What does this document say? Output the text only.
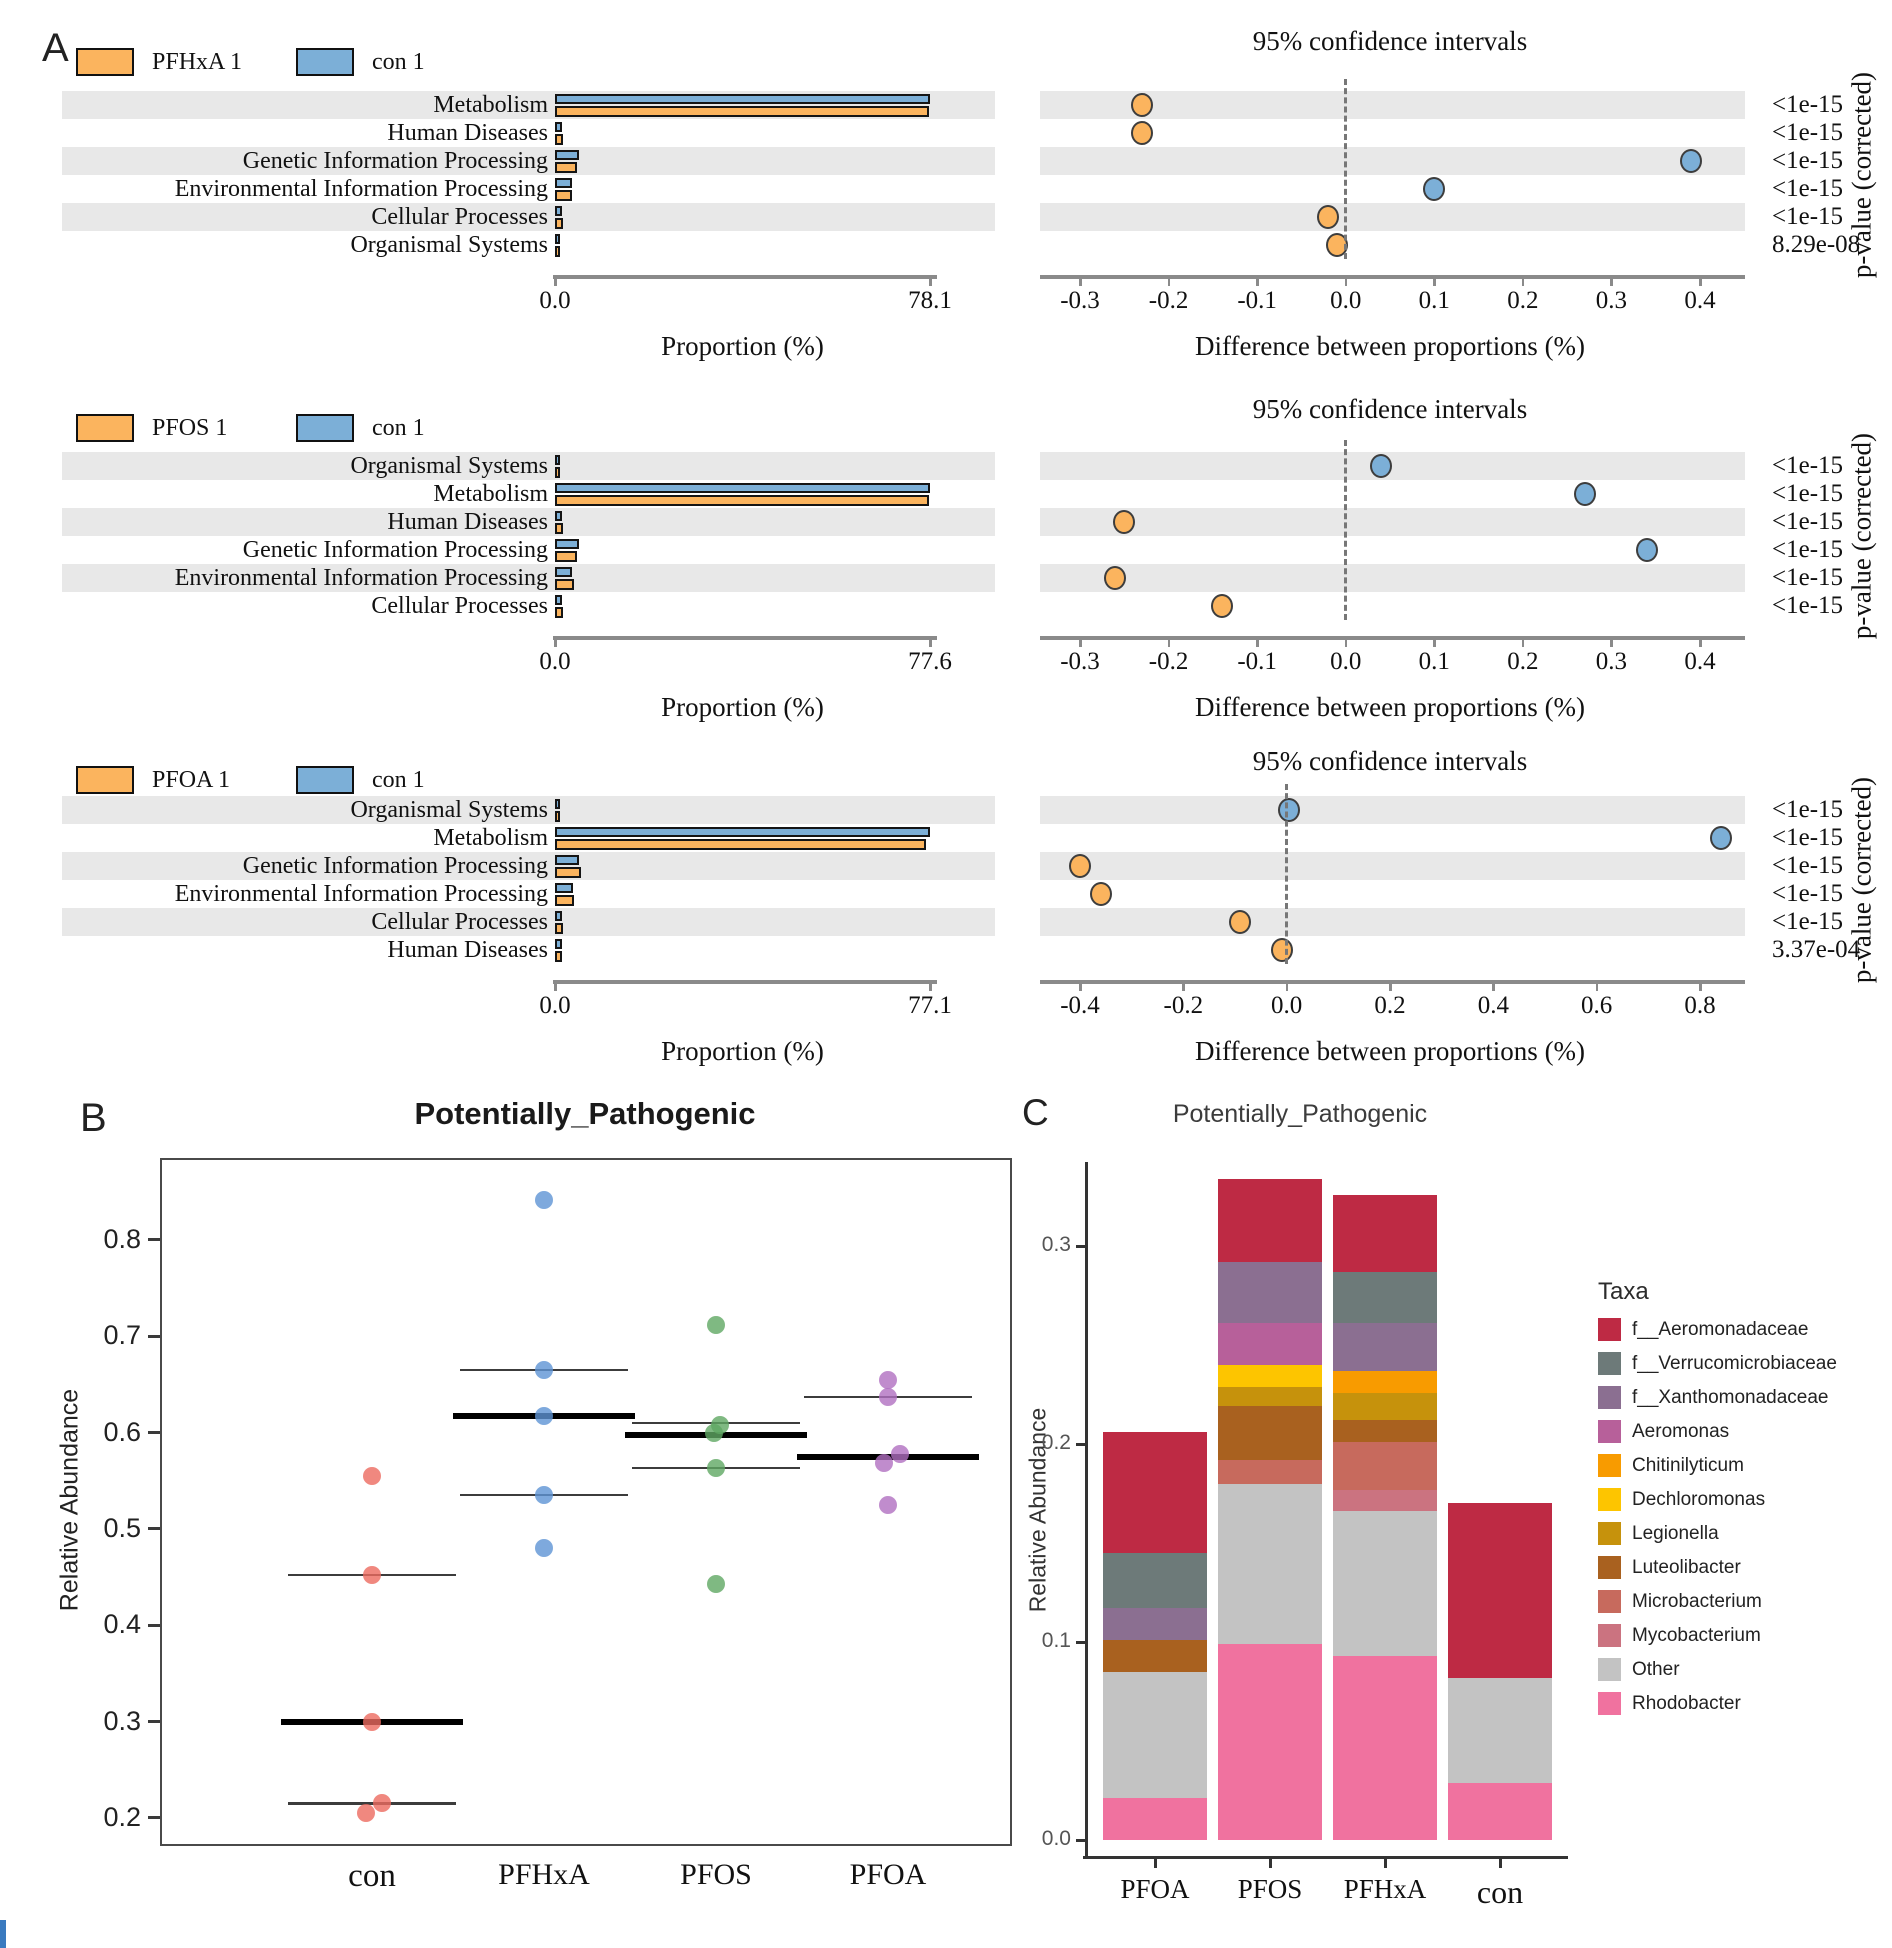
A	95% confidence intervals
PFHxA 1	con 1
Metabolism	<1e-15
Human Diseases	<1e-15
Genetic Information Processing	<1e-15
Environmental Information Processing	<1e-15
Cellular Processes	<1e-15
Organismal Systems	8.29e-08
0.0	78.1	-0.3	-0.2	-0.1	0.0	0.1	0.2	0.3	0.4
Proportion (%)	Difference between proportions (%)
p-value (corrected)
95% confidence intervals
PFOS 1	con 1
Organismal Systems	<1e-15
Metabolism	<1e-15
Human Diseases	<1e-15
Genetic Information Processing	<1e-15
Environmental Information Processing	<1e-15
Cellular Processes	<1e-15
0.0	77.6	-0.3	-0.2	-0.1	0.0	0.1	0.2	0.3	0.4
Proportion (%)	Difference between proportions (%)
p-value (corrected)
95% confidence intervals
PFOA 1	con 1
Organismal Systems	<1e-15
Metabolism	<1e-15
Genetic Information Processing	<1e-15
Environmental Information Processing	<1e-15
Cellular Processes	<1e-15
Human Diseases	3.37e-04
0.0	77.1	-0.4	-0.2	0.0	0.2	0.4	0.6	0.8
Proportion (%)	Difference between proportions (%)
p-value (corrected)
B	Potentially_Pathogenic
Relative Abundance
0.2
0.3
0.4
0.5
0.6
0.7
0.8
con	PFHxA	PFOS	PFOA
C	Potentially_Pathogenic
Relative Abundance
Taxa
f__Aeromonadaceae
f__Verrucomicrobiaceae
f__Xanthomonadaceae
Aeromonas
Chitinilyticum
Dechloromonas
Legionella
Luteolibacter
Microbacterium
Mycobacterium
Other
Rhodobacter
0.0
0.1
0.2
0.3
PFOA PFOS PFHxA con
